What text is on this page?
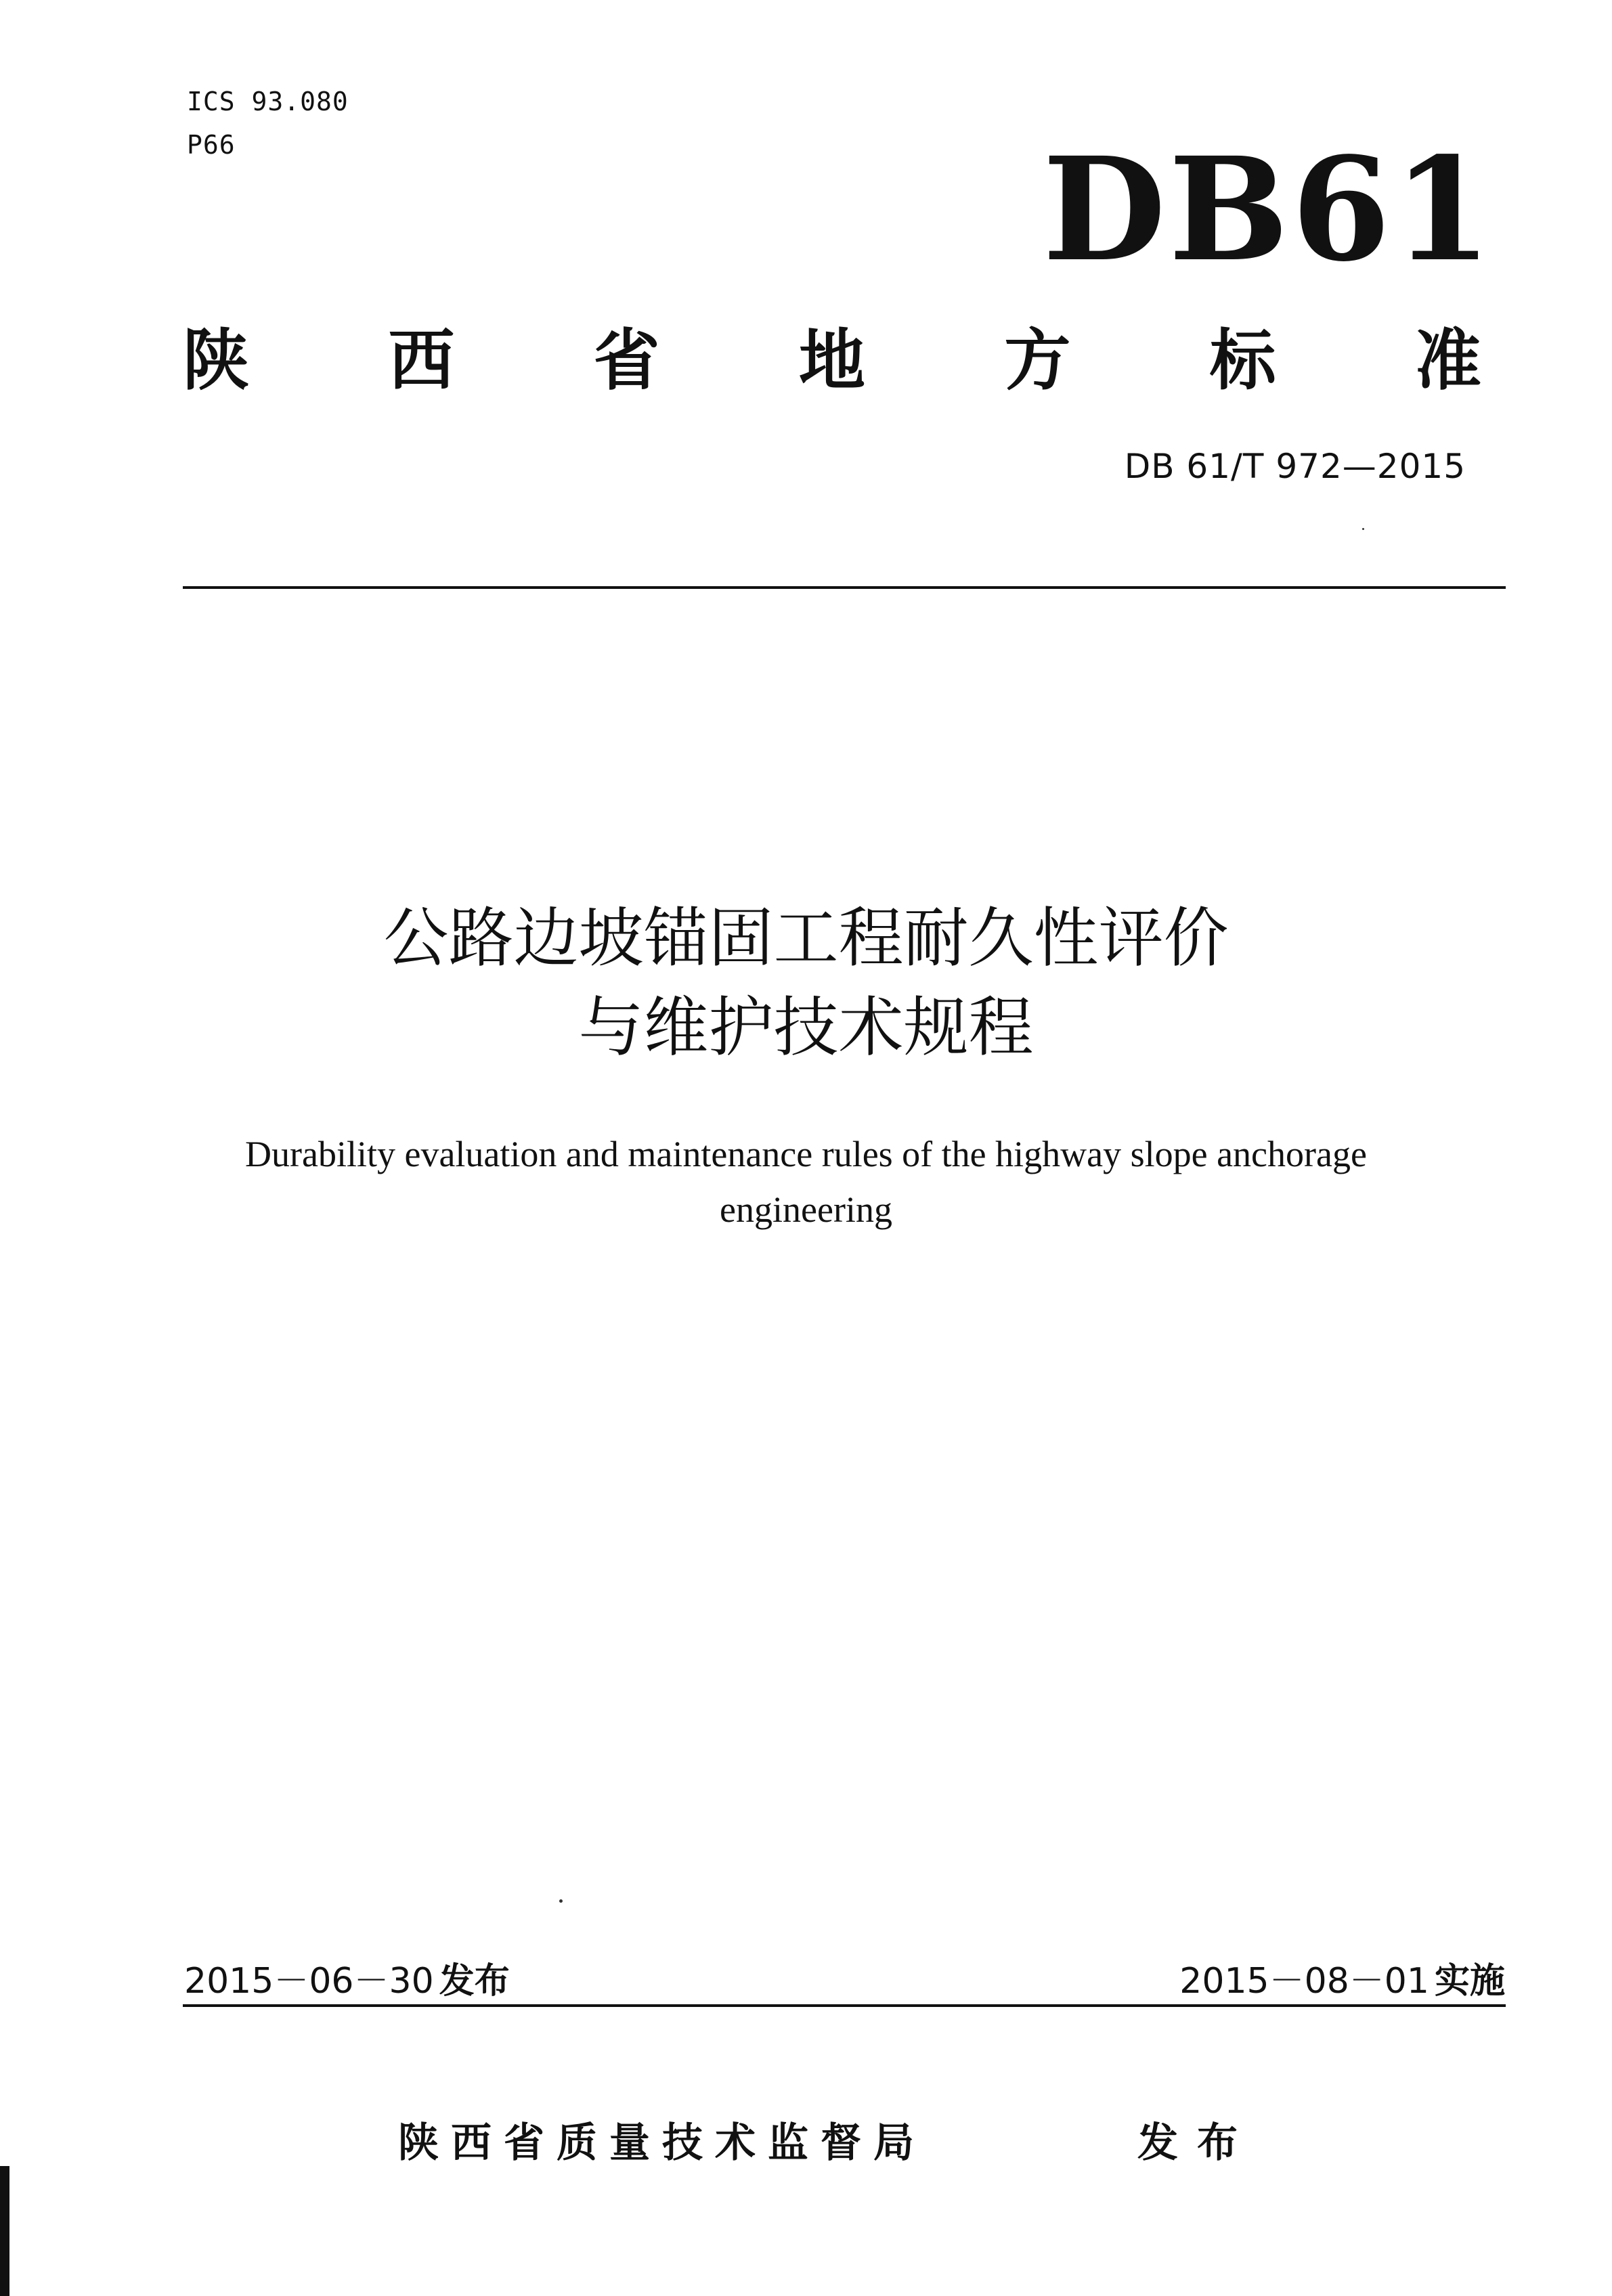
ICS 93.080
P66	DB61
陕 西 省 地 方 标 准
DB 61/T 972—2015
公路边坡锚固工程耐久性评价
与维护技术规程
Durability evaluation and maintenance rules of the highway slope anchorage
engineering
2015－06－30 发布	2015－08－01 实施
陕西省质量技术监督局	发布
